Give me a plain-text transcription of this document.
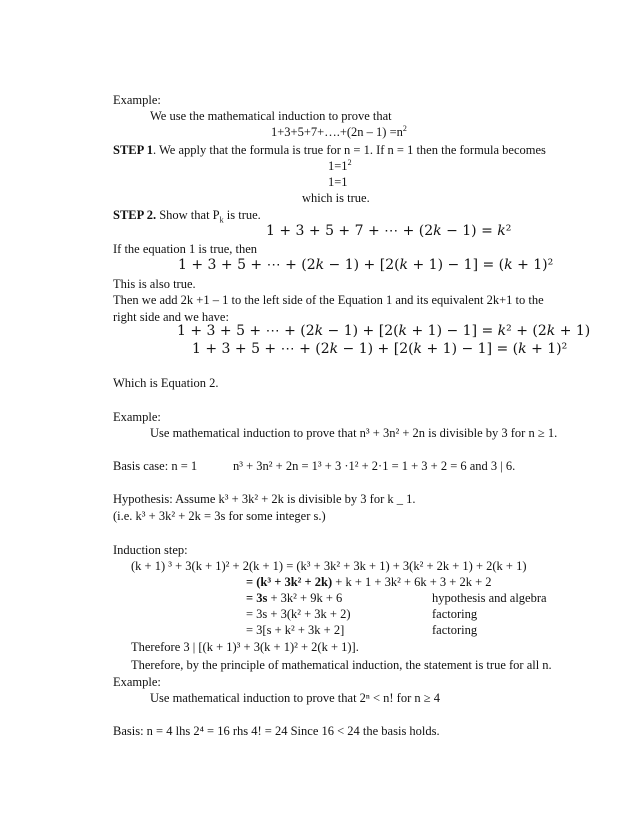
Example:
We use the mathematical induction to prove that
1+3+5+7+….+(2n – $1) =n^2$
STEP 1. We apply that the formula is true for n = 1. If n = 1 then the formula becomes
$1=1^2$
1=1
which is true.
STEP 2. Show that $P_k$ is true.
1 + 3 + 5 + 7 + ⋯ + (2𝑘 − 1) = 𝑘²
If the equation 1 is true, then
1 + 3 + 5 + ⋯ + (2𝑘 − 1) + [2(𝑘 + 1) − 1] = (𝑘 + 1)²
This is also true.
Then we add 2k +1 – 1 to the left side of the Equation 1 and its equivalent 2k+1 to the
right side and we have:
1 + 3 + 5 + ⋯ + (2𝑘 − 1) + [2(𝑘 + 1) − 1] = 𝑘² + (2𝑘 + 1)
1 + 3 + 5 + ⋯ + (2𝑘 − 1) + [2(𝑘 + 1) − 1] = (𝑘 + 1)²
Which is Equation 2.
Example:
Use mathematical induction to prove that n³ + 3n² + 2n is divisible by 3 for n ≥ 1.
Basis case: n = 1	n³ + 3n² + 2n = 1³ + 3 ·1² + 2·1 = 1 + 3 + 2 = 6 and 3 | 6.
Hypothesis: Assume k³ + 3k² + 2k is divisible by 3 for k _ 1.
(i.e. k³ + 3k² + 2k = 3s for some integer s.)
Induction step:
(k + 1) ³ + 3(k + 1)² + 2(k + 1) = (k³ + 3k² + 3k + 1) + 3(k² + 2k + 1) + 2(k + 1)
= (k³ + 3k² + 2k) + k + 1 + 3k² + 6k + 3 + 2k + 2
= 3s + 3k² + 9k + 6	hypothesis and algebra
= 3s + 3(k² + 3k + 2)	factoring
= 3[s + k² + 3k + 2]	factoring
Therefore 3 | [(k + 1)³ + 3(k + 1)² + 2(k + 1)].
Therefore, by the principle of mathematical induction, the statement is true for all n.
Example:
Use mathematical induction to prove that 2ⁿ < n! for n ≥ 4
Basis: n = 4 lhs 2⁴ = 16 rhs 4! = 24 Since 16 < 24 the basis holds.
